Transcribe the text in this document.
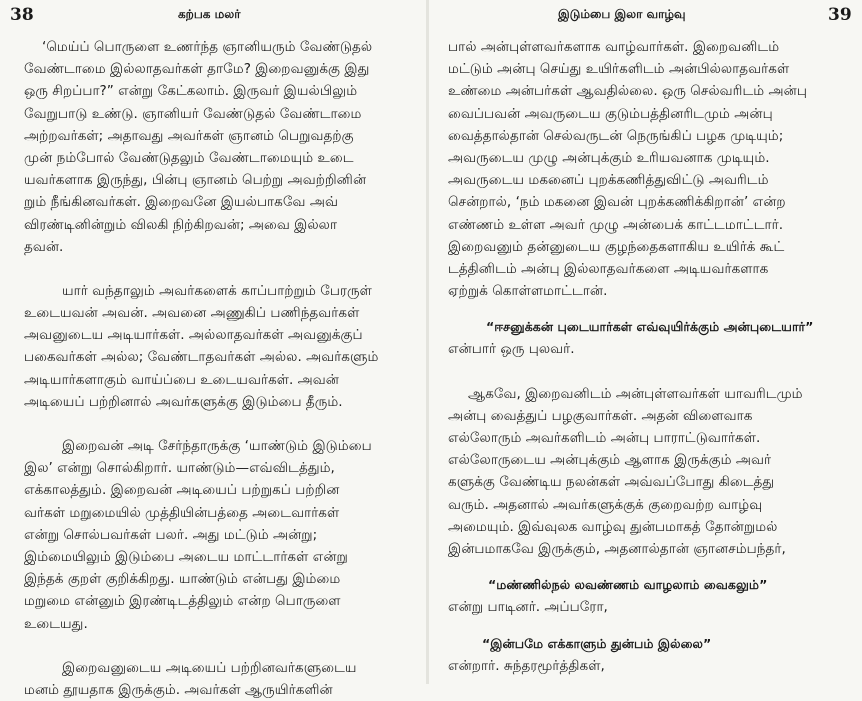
38	கற்பக மலர்

‘மெய்ப் பொருளை உணர்ந்த ஞானியரும் வேண்டுதல்

வேண்டாமை இல்லாதவர்கள் தாமே? இறைவனுக்கு இது

ஒரு சிறப்பா?” என்று கேட்கலாம். இருவர் இயல்பிலும்

வேறுபாடு உண்டு. ஞானியர் வேண்டுதல் வேண்டாமை

அற்றவர்கள்; அதாவது அவர்கள் ஞானம் பெறுவதற்கு

முன் நம்போல் வேண்டுதலும் வேண்டாமையும் உடை

யவர்களாக இருந்து, பின்பு ஞானம் பெற்று அவற்றினின்

றும் நீங்கினவர்கள். இறைவனே இயல்பாகவே அவ்

விரண்டினின்றும் விலகி நிற்கிறவன்; அவை இல்லா

தவன்.

யார் வந்தாலும் அவர்களைக் காப்பாற்றும் பேரருள்

உடையவன் அவன். அவனை அணுகிப் பணிந்தவர்கள்

அவனுடைய அடியார்கள். அல்லாதவர்கள் அவனுக்குப்

பகைவர்கள் அல்ல; வேண்டாதவர்கள் அல்ல. அவர்களும்

அடியார்களாகும் வாய்ப்பை உடையவர்கள். அவன்

அடியைப் பற்றினால் அவர்களுக்கு இடும்பை தீரும்.

இறைவன் அடி சேர்ந்தாருக்கு ‘யாண்டும் இடும்பை

இல’ என்று சொல்கிறார். யாண்டும்—எவ்விடத்தும்,

எக்காலத்தும். இறைவன் அடியைப் பற்றுகப் பற்றின

வர்கள் மறுமையில் முத்தியின்பத்தை அடைவார்கள்

என்று சொல்பவர்கள் பலர். அது மட்டும் அன்று;

இம்மையிலும் இடும்பை அடைய மாட்டார்கள் என்று

இந்தக் குறள் குறிக்கிறது. யாண்டும் என்பது இம்மை

மறுமை என்னும் இரண்டிடத்திலும் என்ற பொருளை

உடையது.

இறைவனுடைய அடியைப் பற்றினவர்களுடைய

மனம் தூயதாக இருக்கும். அவர்கள் ஆருயிர்களின்

இடும்பை இலா வாழ்வு	39

பால் அன்புள்ளவர்களாக வாழ்வார்கள். இறைவனிடம்

மட்டும் அன்பு செய்து உயிர்களிடம் அன்பில்லாதவர்கள்

உண்மை அன்பர்கள் ஆவதில்லை. ஒரு செல்வரிடம் அன்பு

வைப்பவன் அவருடைய குடும்பத்தினரிடமும் அன்பு

வைத்தால்தான் செல்வருடன் நெருங்கிப் பழக முடியும்;

அவருடைய முழு அன்புக்கும் உரியவனாக முடியும்.

அவருடைய மகனைப் புறக்கணித்துவிட்டு அவரிடம்

சென்றால், ‘நம் மகனை இவன் புறக்கணிக்கிறான்’ என்ற

எண்ணம் உள்ள அவர் முழு அன்பைக் காட்டமாட்டார்.

இறைவனும் தன்னுடைய குழந்தைகளாகிய உயிர்க் கூட்

டத்தினிடம் அன்பு இல்லாதவர்களை அடியவர்களாக

ஏற்றுக் கொள்ளமாட்டான்.

“ஈசனுக்கன் புடையார்கள் எவ்வுயிர்க்கும் அன்புடையார்”

என்பார் ஒரு புலவர்.

ஆகவே, இறைவனிடம் அன்புள்ளவர்கள் யாவரிடமும்

அன்பு வைத்துப் பழகுவார்கள். அதன் விளைவாக

எல்லோரும் அவர்களிடம் அன்பு பாராட்டுவார்கள்.

எல்லோருடைய அன்புக்கும் ஆளாக இருக்கும் அவர்

களுக்கு வேண்டிய நலன்கள் அவ்வப்போது கிடைத்து

வரும். அதனால் அவர்களுக்குக் குறைவற்ற வாழ்வு

அமையும். இவ்வுலக வாழ்வு துன்பமாகத் தோன்றுமல்

இன்பமாகவே இருக்கும், அதனால்தான் ஞானசம்பந்தர்,

“மண்ணில்நல் லவண்ணம் வாழலாம் வைகலும்”

என்று பாடினர். அப்பரோ,

“இன்பமே எக்காளும் துன்பம் இல்லை”

என்றார். சுந்தரமூர்த்திகள்,
